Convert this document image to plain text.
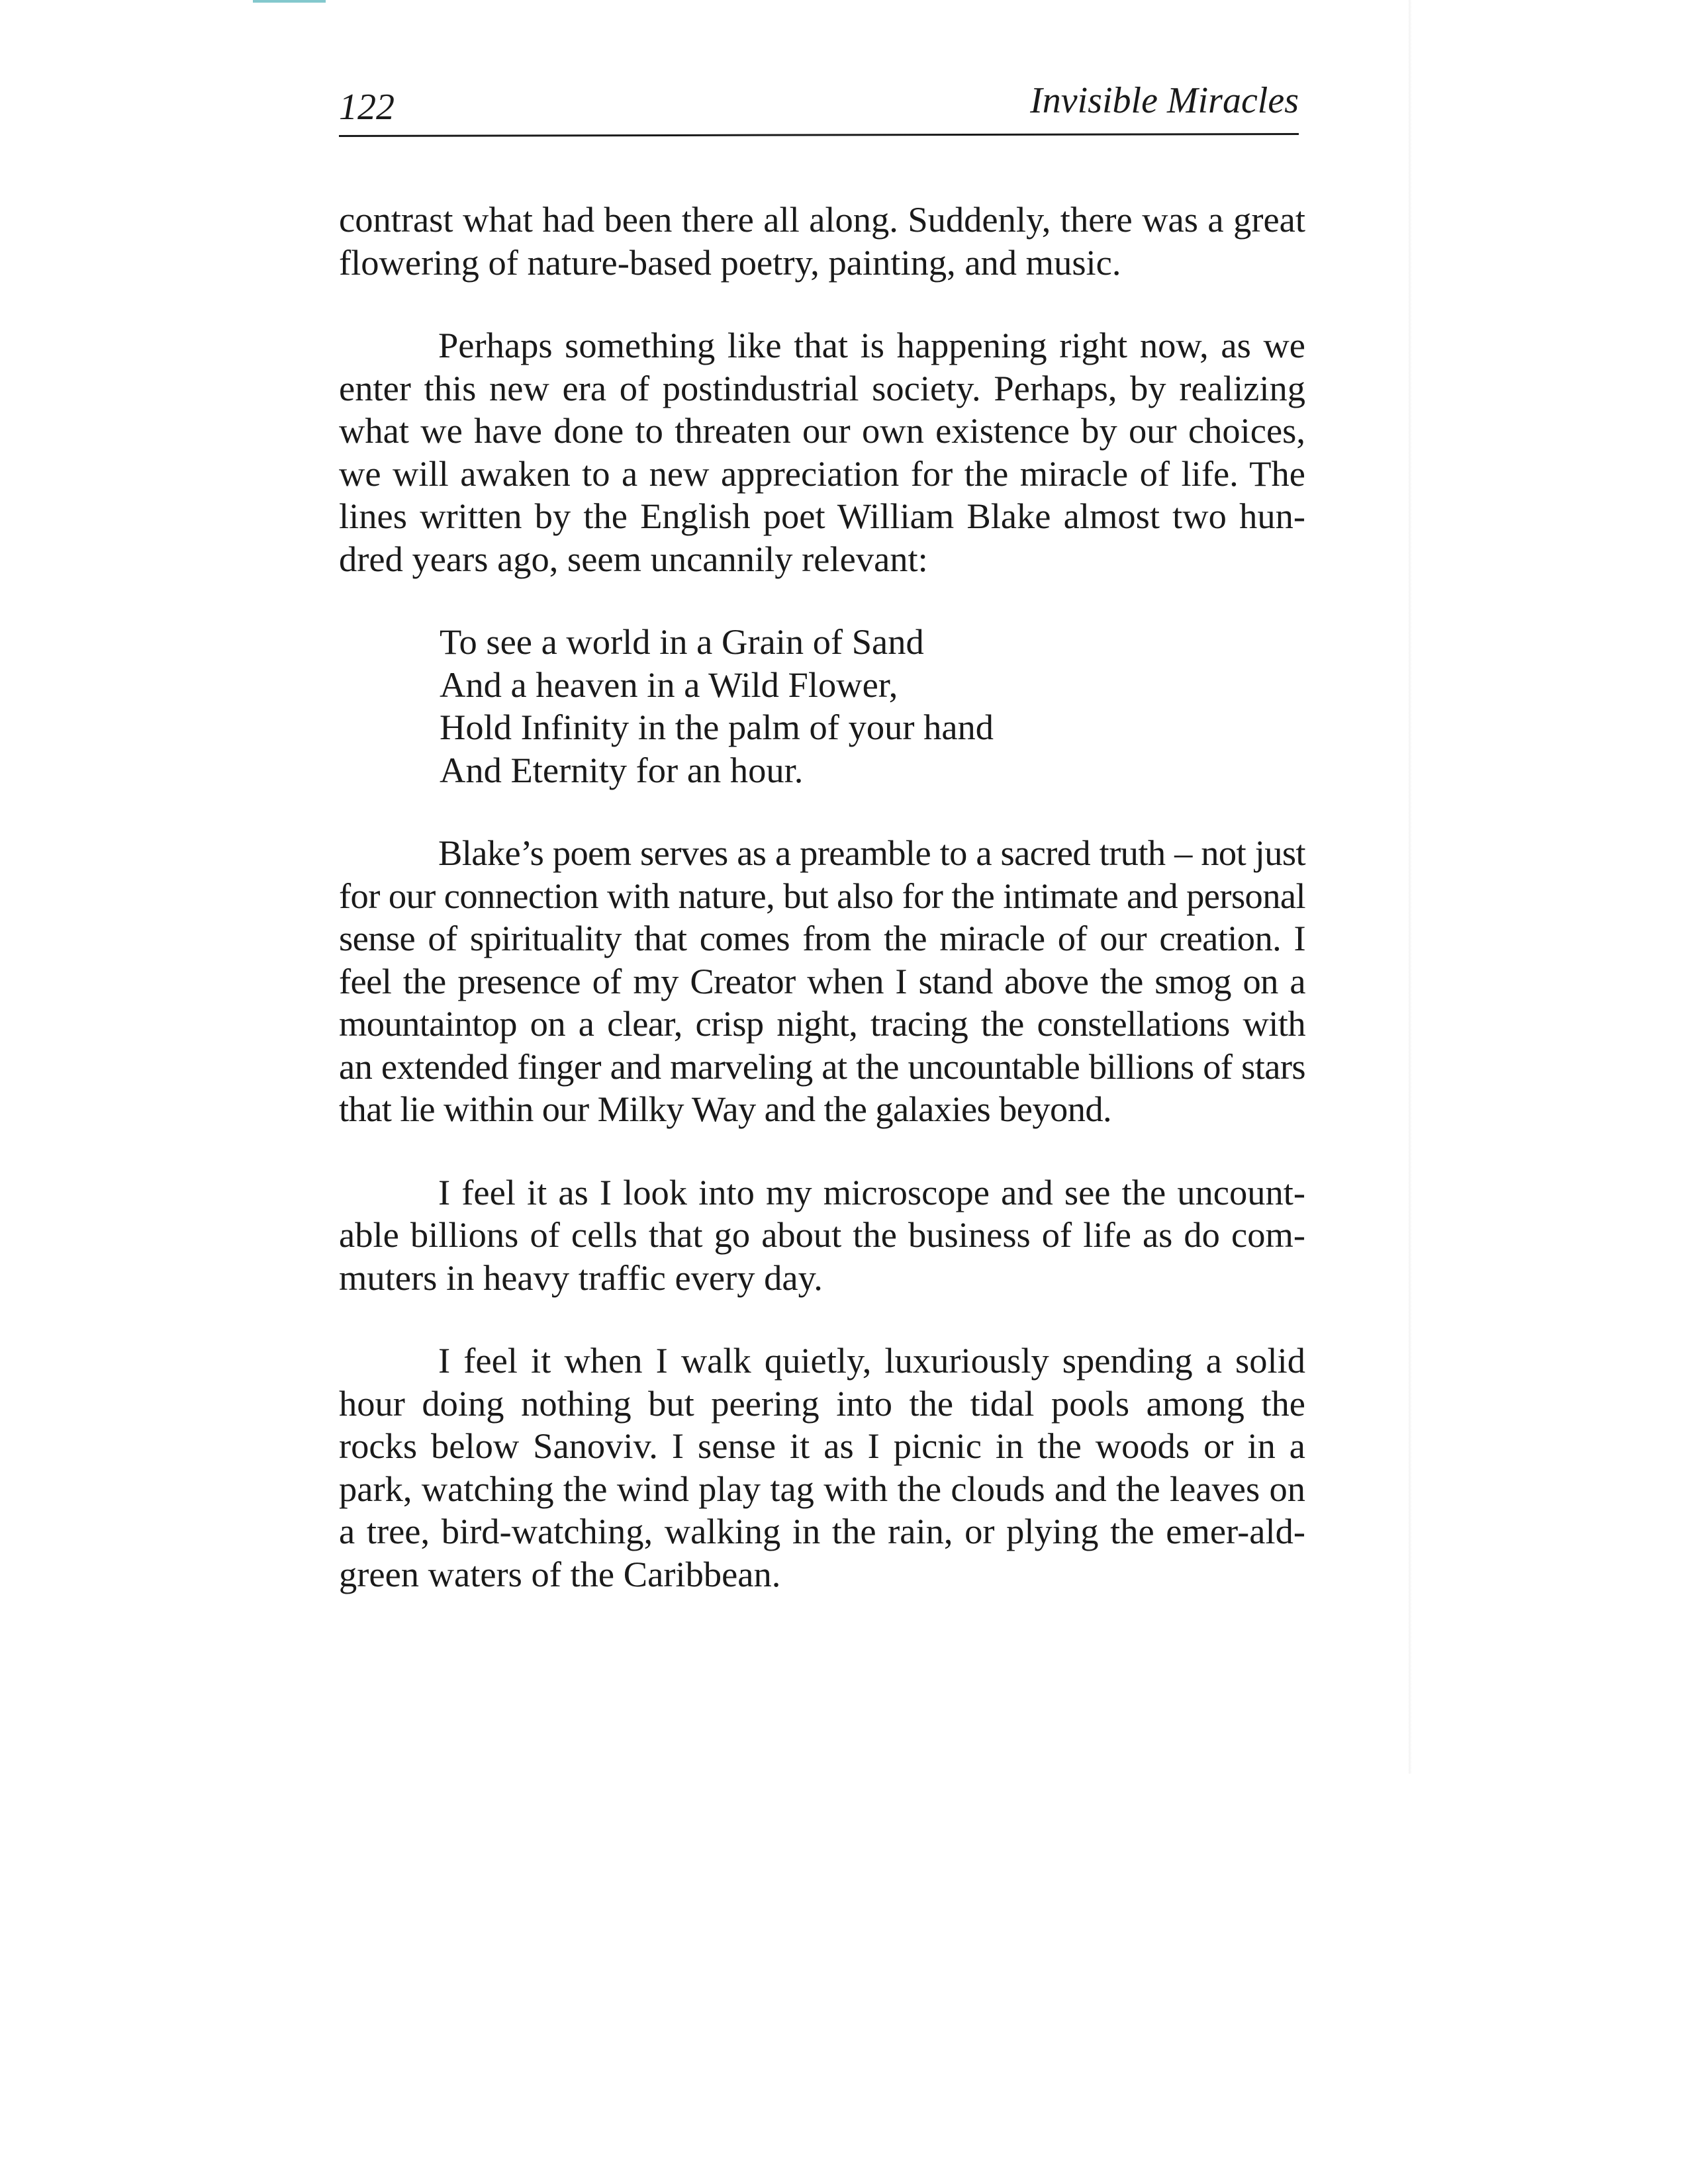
122	Invisible Miracles

contrast what had been there all along. Suddenly, there was a great flowering of nature-based poetry, painting, and music.

Perhaps something like that is happening right now, as we enter this new era of postindustrial society. Perhaps, by realizing what we have done to threaten our own existence by our choices, we will awaken to a new appreciation for the miracle of life. The lines written by the English poet William Blake almost two hun-dred years ago, seem uncannily relevant:

To see a world in a Grain of Sand
And a heaven in a Wild Flower,
Hold Infinity in the palm of your hand
And Eternity for an hour.

Blake’s poem serves as a preamble to a sacred truth – not just for our connection with nature, but also for the intimate and personal sense of spirituality that comes from the miracle of our creation. I feel the presence of my Creator when I stand above the smog on a mountaintop on a clear, crisp night, tracing the constellations with an extended finger and marveling at the uncountable billions of stars that lie within our Milky Way and the galaxies beyond.

I feel it as I look into my microscope and see the uncount-able billions of cells that go about the business of life as do com-muters in heavy traffic every day.

I feel it when I walk quietly, luxuriously spending a solid hour doing nothing but peering into the tidal pools among the rocks below Sanoviv. I sense it as I picnic in the woods or in a park, watching the wind play tag with the clouds and the leaves on a tree, bird-watching, walking in the rain, or plying the emer-ald-green waters of the Caribbean.
